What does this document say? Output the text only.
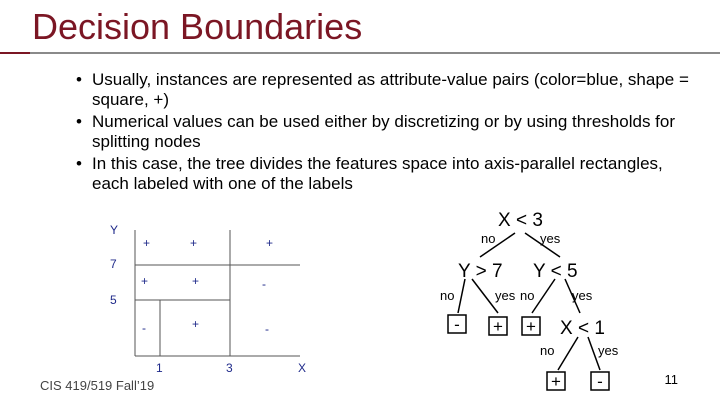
Decision Boundaries
• Usually, instances are represented as attribute-value pairs (color=blue, shape = square, +)
• Numerical values can be used either by discretizing or by using thresholds for splitting nodes
• In this case, the tree divides the features space into axis-parallel rectangles, each labeled with one of the labels
Y
7
5
1	3	X
+	+	+
+	+	-
-	+	-
X < 3
no	yes
Y > 7 Y < 5
no	yes no	yes
- + + X < 1
no	yes
+ -
CIS 419/519 Fall’19	11
